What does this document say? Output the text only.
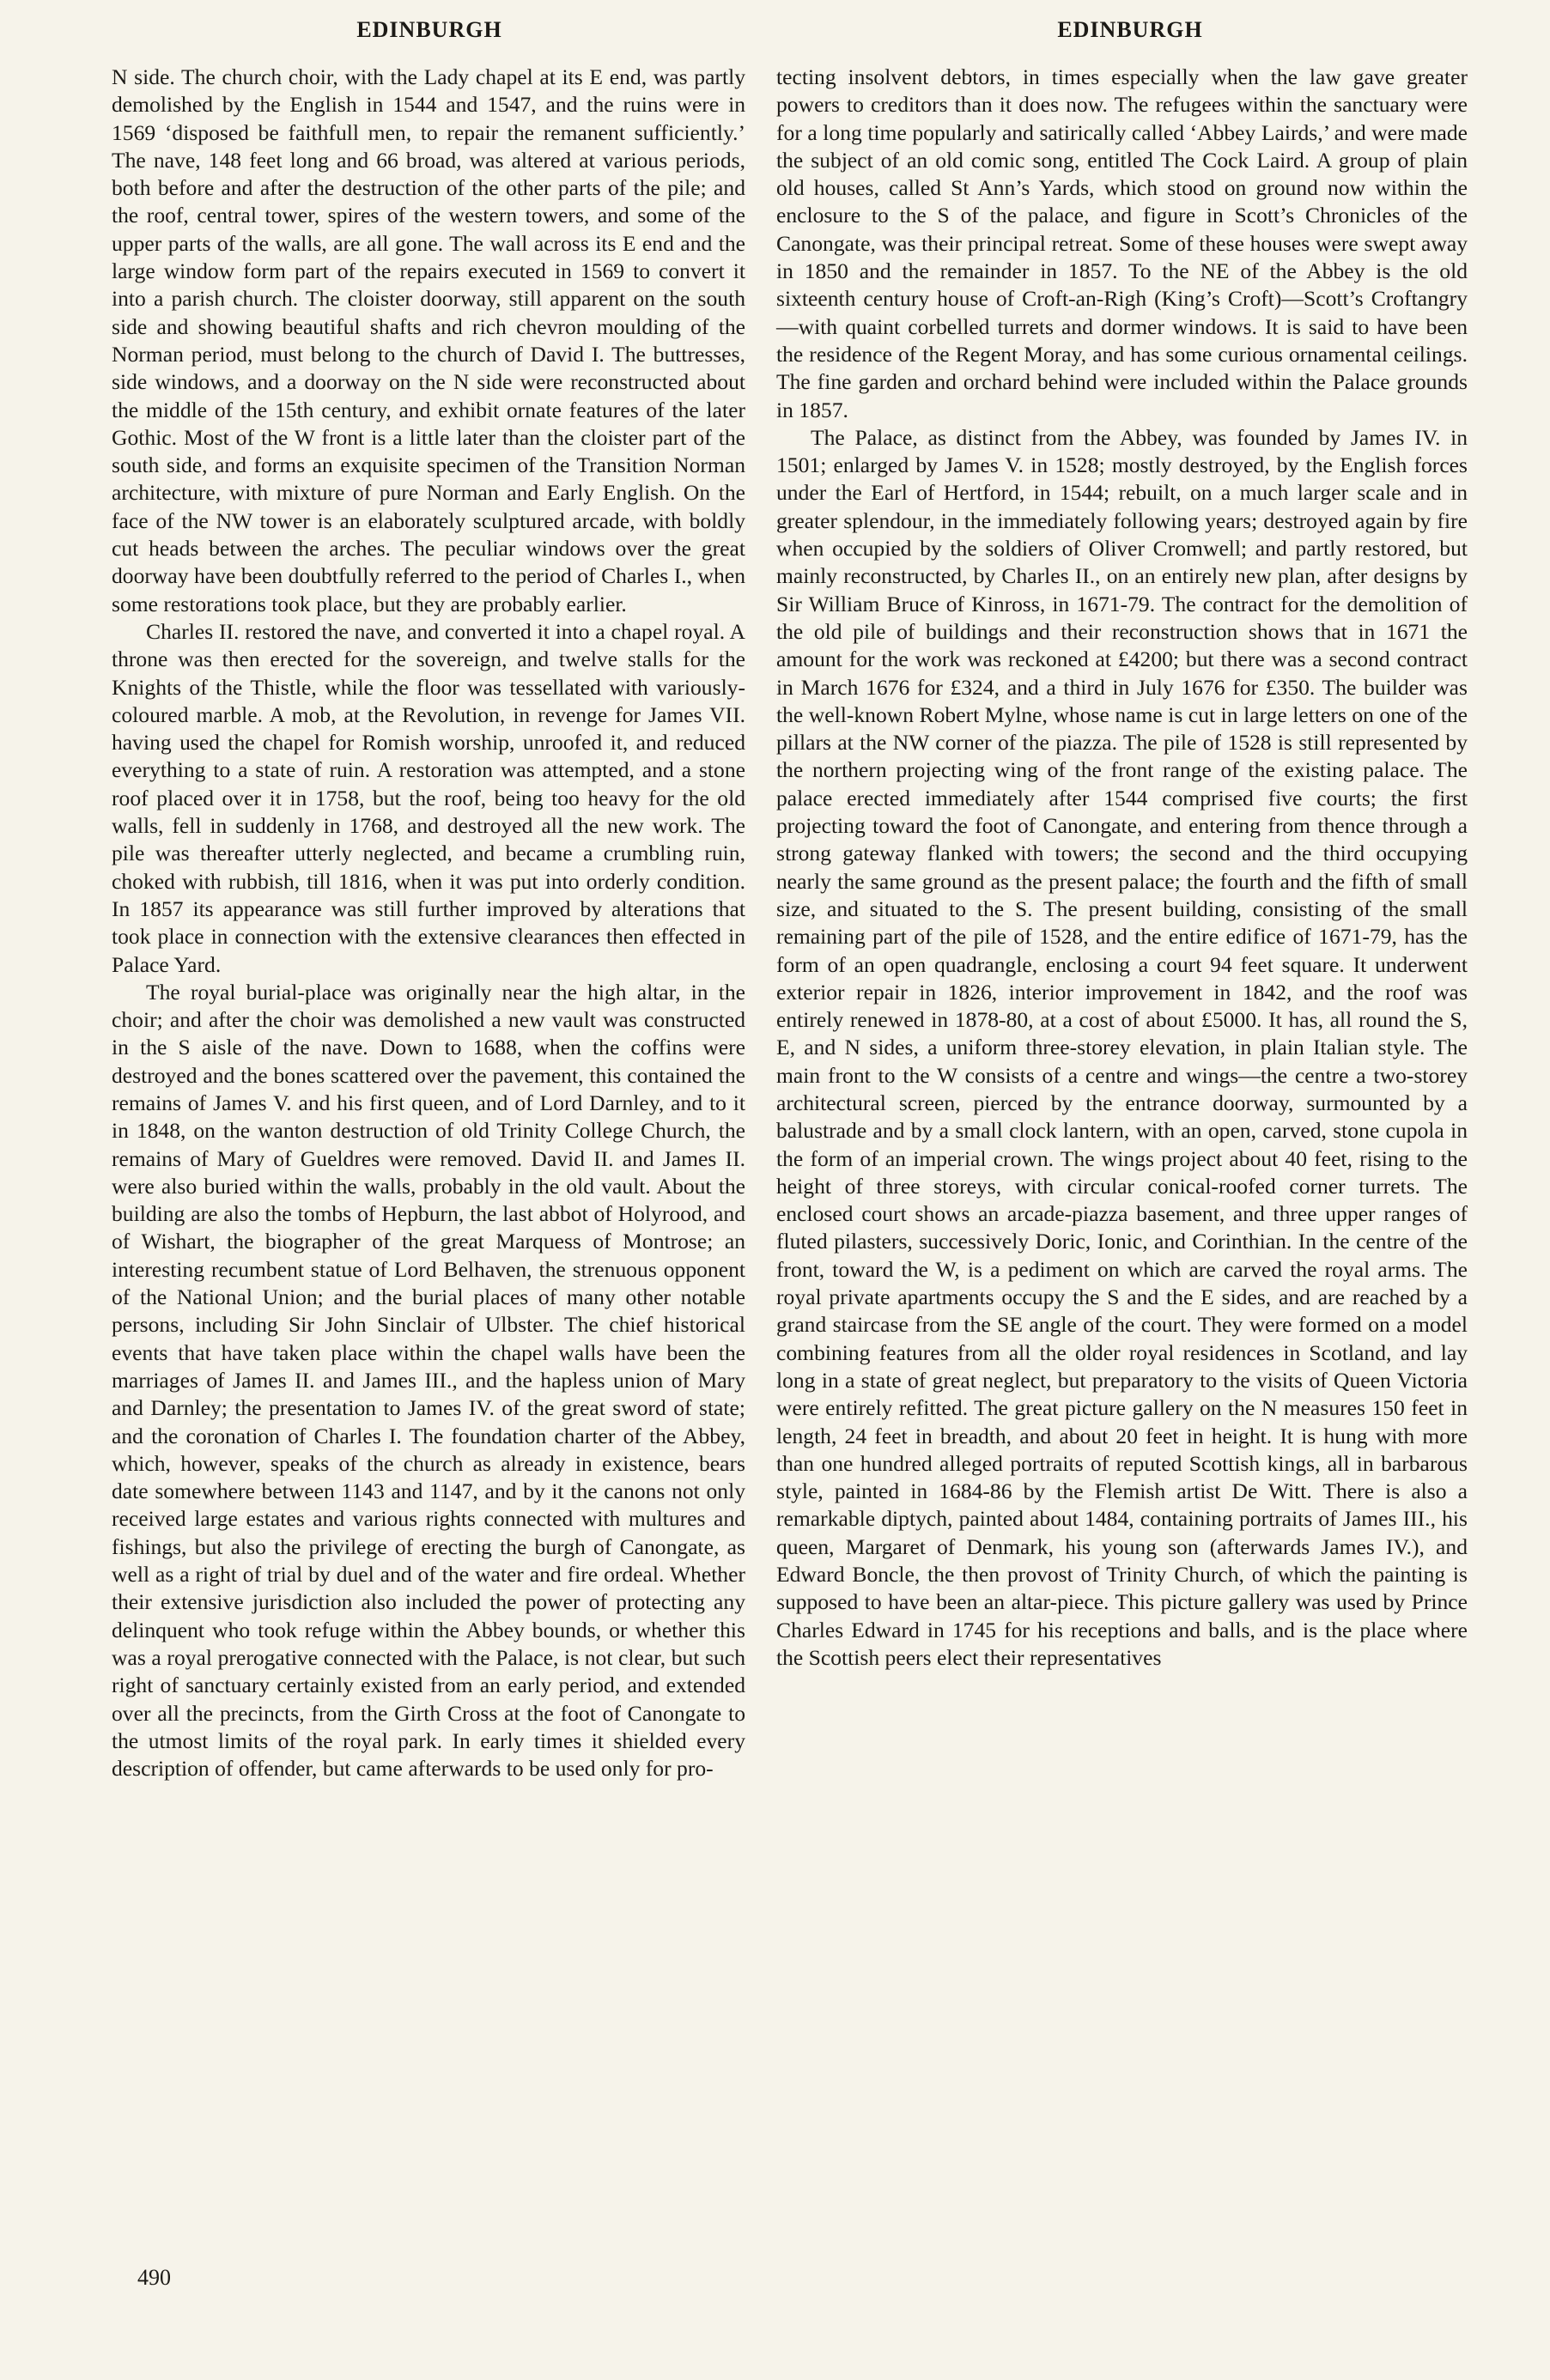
EDINBURGH	EDINBURGH

N side. The church choir, with the Lady chapel at its E end, was partly demolished by the English in 1544 and 1547, and the ruins were in 1569 ‘disposed be faithfull men, to repair the remanent sufficiently.’ The nave, 148 feet long and 66 broad, was altered at various periods, both before and after the destruction of the other parts of the pile; and the roof, central tower, spires of the western towers, and some of the upper parts of the walls, are all gone. The wall across its E end and the large window form part of the repairs executed in 1569 to convert it into a parish church. The cloister doorway, still apparent on the south side and showing beautiful shafts and rich chevron moulding of the Norman period, must belong to the church of David I. The buttresses, side windows, and a doorway on the N side were reconstructed about the middle of the 15th century, and exhibit ornate features of the later Gothic. Most of the W front is a little later than the cloister part of the south side, and forms an exquisite specimen of the Transition Norman architecture, with mixture of pure Norman and Early English. On the face of the NW tower is an elaborately sculptured arcade, with boldly cut heads between the arches. The peculiar windows over the great doorway have been doubtfully referred to the period of Charles I., when some restorations took place, but they are probably earlier.

Charles II. restored the nave, and converted it into a chapel royal. A throne was then erected for the sovereign, and twelve stalls for the Knights of the Thistle, while the floor was tessellated with variously-coloured marble. A mob, at the Revolution, in revenge for James VII. having used the chapel for Romish worship, unroofed it, and reduced everything to a state of ruin. A restoration was attempted, and a stone roof placed over it in 1758, but the roof, being too heavy for the old walls, fell in suddenly in 1768, and destroyed all the new work. The pile was thereafter utterly neglected, and became a crumbling ruin, choked with rubbish, till 1816, when it was put into orderly condition. In 1857 its appearance was still further improved by alterations that took place in connection with the extensive clearances then effected in Palace Yard.

The royal burial-place was originally near the high altar, in the choir; and after the choir was demolished a new vault was constructed in the S aisle of the nave. Down to 1688, when the coffins were destroyed and the bones scattered over the pavement, this contained the remains of James V. and his first queen, and of Lord Darnley, and to it in 1848, on the wanton destruction of old Trinity College Church, the remains of Mary of Gueldres were removed. David II. and James II. were also buried within the walls, probably in the old vault. About the building are also the tombs of Hepburn, the last abbot of Holyrood, and of Wishart, the biographer of the great Marquess of Montrose; an interesting recumbent statue of Lord Belhaven, the strenuous opponent of the National Union; and the burial places of many other notable persons, including Sir John Sinclair of Ulbster. The chief historical events that have taken place within the chapel walls have been the marriages of James II. and James III., and the hapless union of Mary and Darnley; the presentation to James IV. of the great sword of state; and the coronation of Charles I. The foundation charter of the Abbey, which, however, speaks of the church as already in existence, bears date somewhere between 1143 and 1147, and by it the canons not only received large estates and various rights connected with multures and fishings, but also the privilege of erecting the burgh of Canongate, as well as a right of trial by duel and of the water and fire ordeal. Whether their extensive jurisdiction also included the power of protecting any delinquent who took refuge within the Abbey bounds, or whether this was a royal prerogative connected with the Palace, is not clear, but such right of sanctuary certainly existed from an early period, and extended over all the precincts, from the Girth Cross at the foot of Canongate to the utmost limits of the royal park. In early times it shielded every description of offender, but came afterwards to be used only for pro-

tecting insolvent debtors, in times especially when the law gave greater powers to creditors than it does now. The refugees within the sanctuary were for a long time popularly and satirically called ‘Abbey Lairds,’ and were made the subject of an old comic song, entitled The Cock Laird. A group of plain old houses, called St Ann’s Yards, which stood on ground now within the enclosure to the S of the palace, and figure in Scott’s Chronicles of the Canongate, was their principal retreat. Some of these houses were swept away in 1850 and the remainder in 1857. To the NE of the Abbey is the old sixteenth century house of Croft-an-Righ (King’s Croft)—Scott’s Croftangry—with quaint corbelled turrets and dormer windows. It is said to have been the residence of the Regent Moray, and has some curious ornamental ceilings. The fine garden and orchard behind were included within the Palace grounds in 1857.

The Palace, as distinct from the Abbey, was founded by James IV. in 1501; enlarged by James V. in 1528; mostly destroyed, by the English forces under the Earl of Hertford, in 1544; rebuilt, on a much larger scale and in greater splendour, in the immediately following years; destroyed again by fire when occupied by the soldiers of Oliver Cromwell; and partly restored, but mainly reconstructed, by Charles II., on an entirely new plan, after designs by Sir William Bruce of Kinross, in 1671-79. The contract for the demolition of the old pile of buildings and their reconstruction shows that in 1671 the amount for the work was reckoned at £4200; but there was a second contract in March 1676 for £324, and a third in July 1676 for £350. The builder was the well-known Robert Mylne, whose name is cut in large letters on one of the pillars at the NW corner of the piazza. The pile of 1528 is still represented by the northern projecting wing of the front range of the existing palace. The palace erected immediately after 1544 comprised five courts; the first projecting toward the foot of Canongate, and entering from thence through a strong gateway flanked with towers; the second and the third occupying nearly the same ground as the present palace; the fourth and the fifth of small size, and situated to the S. The present building, consisting of the small remaining part of the pile of 1528, and the entire edifice of 1671-79, has the form of an open quadrangle, enclosing a court 94 feet square. It underwent exterior repair in 1826, interior improvement in 1842, and the roof was entirely renewed in 1878-80, at a cost of about £5000. It has, all round the S, E, and N sides, a uniform three-storey elevation, in plain Italian style. The main front to the W consists of a centre and wings—the centre a two-storey architectural screen, pierced by the entrance doorway, surmounted by a balustrade and by a small clock lantern, with an open, carved, stone cupola in the form of an imperial crown. The wings project about 40 feet, rising to the height of three storeys, with circular conical-roofed corner turrets. The enclosed court shows an arcade-piazza basement, and three upper ranges of fluted pilasters, successively Doric, Ionic, and Corinthian. In the centre of the front, toward the W, is a pediment on which are carved the royal arms. The royal private apartments occupy the S and the E sides, and are reached by a grand staircase from the SE angle of the court. They were formed on a model combining features from all the older royal residences in Scotland, and lay long in a state of great neglect, but preparatory to the visits of Queen Victoria were entirely refitted. The great picture gallery on the N measures 150 feet in length, 24 feet in breadth, and about 20 feet in height. It is hung with more than one hundred alleged portraits of reputed Scottish kings, all in barbarous style, painted in 1684-86 by the Flemish artist De Witt. There is also a remarkable diptych, painted about 1484, containing portraits of James III., his queen, Margaret of Denmark, his young son (afterwards James IV.), and Edward Boncle, the then provost of Trinity Church, of which the painting is supposed to have been an altar-piece. This picture gallery was used by Prince Charles Edward in 1745 for his receptions and balls, and is the place where the Scottish peers elect their representatives

490
